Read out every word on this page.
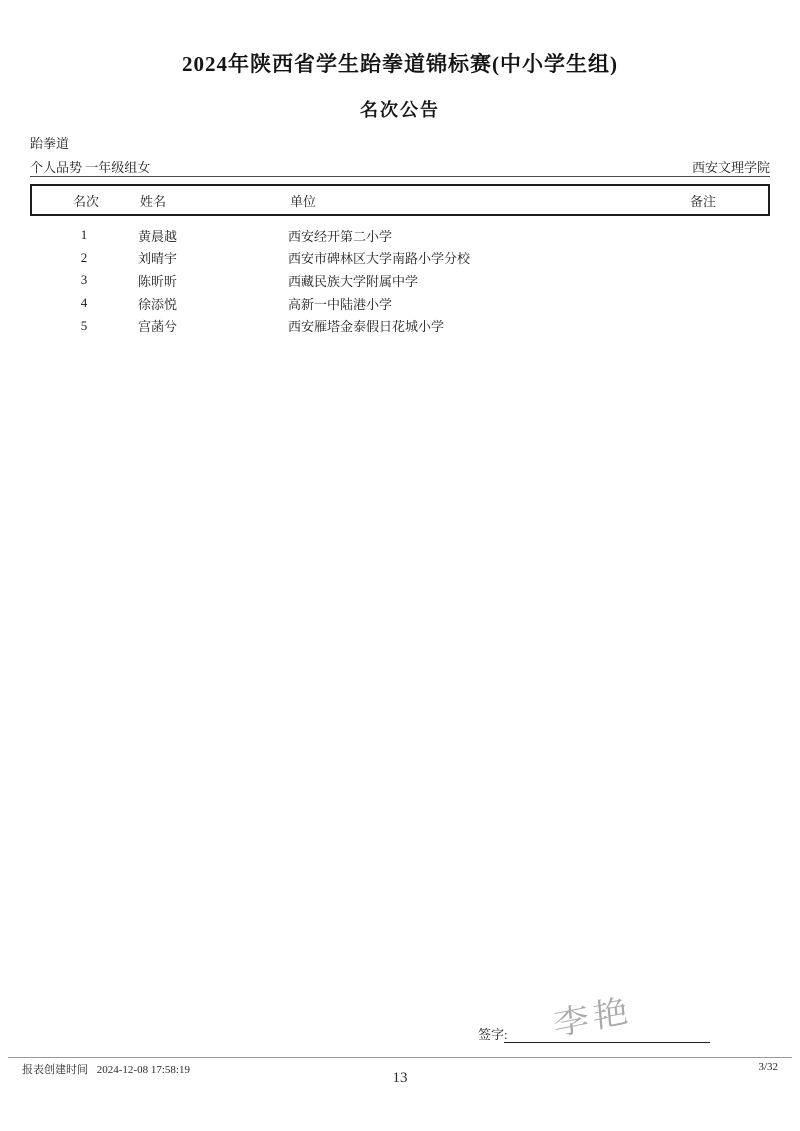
2024年陕西省学生跆拳道锦标赛(中小学生组)
名次公告
跆拳道
个人品势 一年级组女	西安文理学院
名次	姓名	单位	备注
1	黄晨越	西安经开第二小学
2	刘晴宇	西安市碑林区大学南路小学分校
3	陈昕昕	西藏民族大学附属中学
4	徐添悦	高新一中陆港小学
5	宫菡兮	西安雁塔金泰假日花城小学
李艳
签字:
报表创建时间 2024-12-08 17:58:19	3/32
13
